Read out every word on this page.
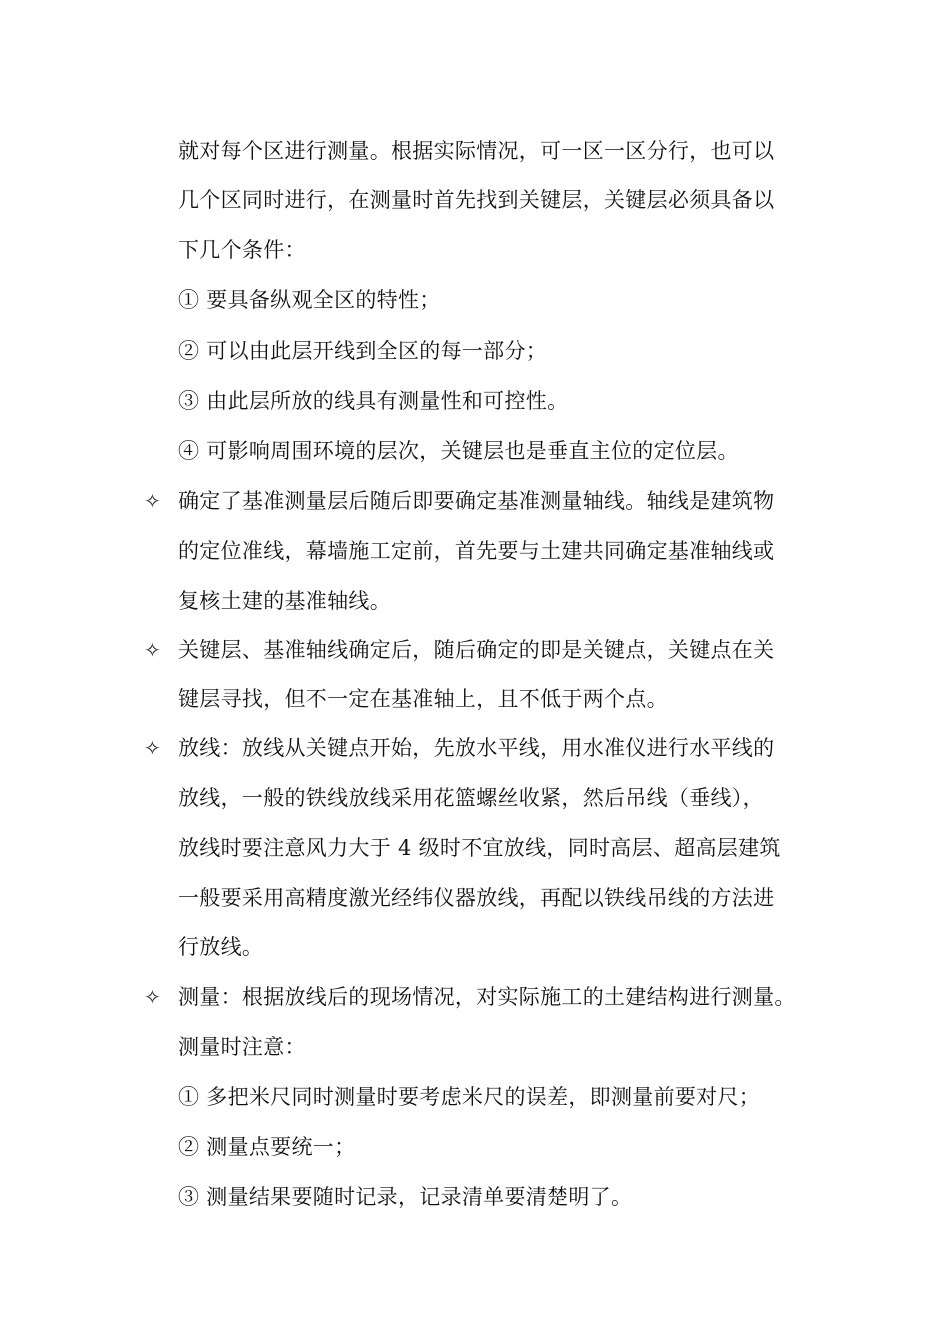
就对每个区进行测量。根据实际情况，可一区一区分行，也可以
几个区同时进行，在测量时首先找到关键层，关键层必须具备以
下几个条件：
① 要具备纵观全区的特性；
② 可以由此层开线到全区的每一部分；
③ 由此层所放的线具有测量性和可控性。
④ 可影响周围环境的层次，关键层也是垂直主位的定位层。
✧ 确定了基准测量层后随后即要确定基准测量轴线。轴线是建筑物
的定位准线，幕墙施工定前，首先要与土建共同确定基准轴线或
复核土建的基准轴线。
✧ 关键层、基准轴线确定后，随后确定的即是关键点，关键点在关
键层寻找，但不一定在基准轴上，且不低于两个点。
✧ 放线：放线从关键点开始，先放水平线，用水准仪进行水平线的
放线，一般的铁线放线采用花篮螺丝收紧，然后吊线（垂线），
放线时要注意风力大于 4 级时不宜放线，同时高层、超高层建筑
一般要采用高精度激光经纬仪器放线，再配以铁线吊线的方法进
行放线。
✧ 测量：根据放线后的现场情况，对实际施工的土建结构进行测量。
测量时注意：
① 多把米尺同时测量时要考虑米尺的误差，即测量前要对尺；
② 测量点要统一；
③ 测量结果要随时记录，记录清单要清楚明了。
